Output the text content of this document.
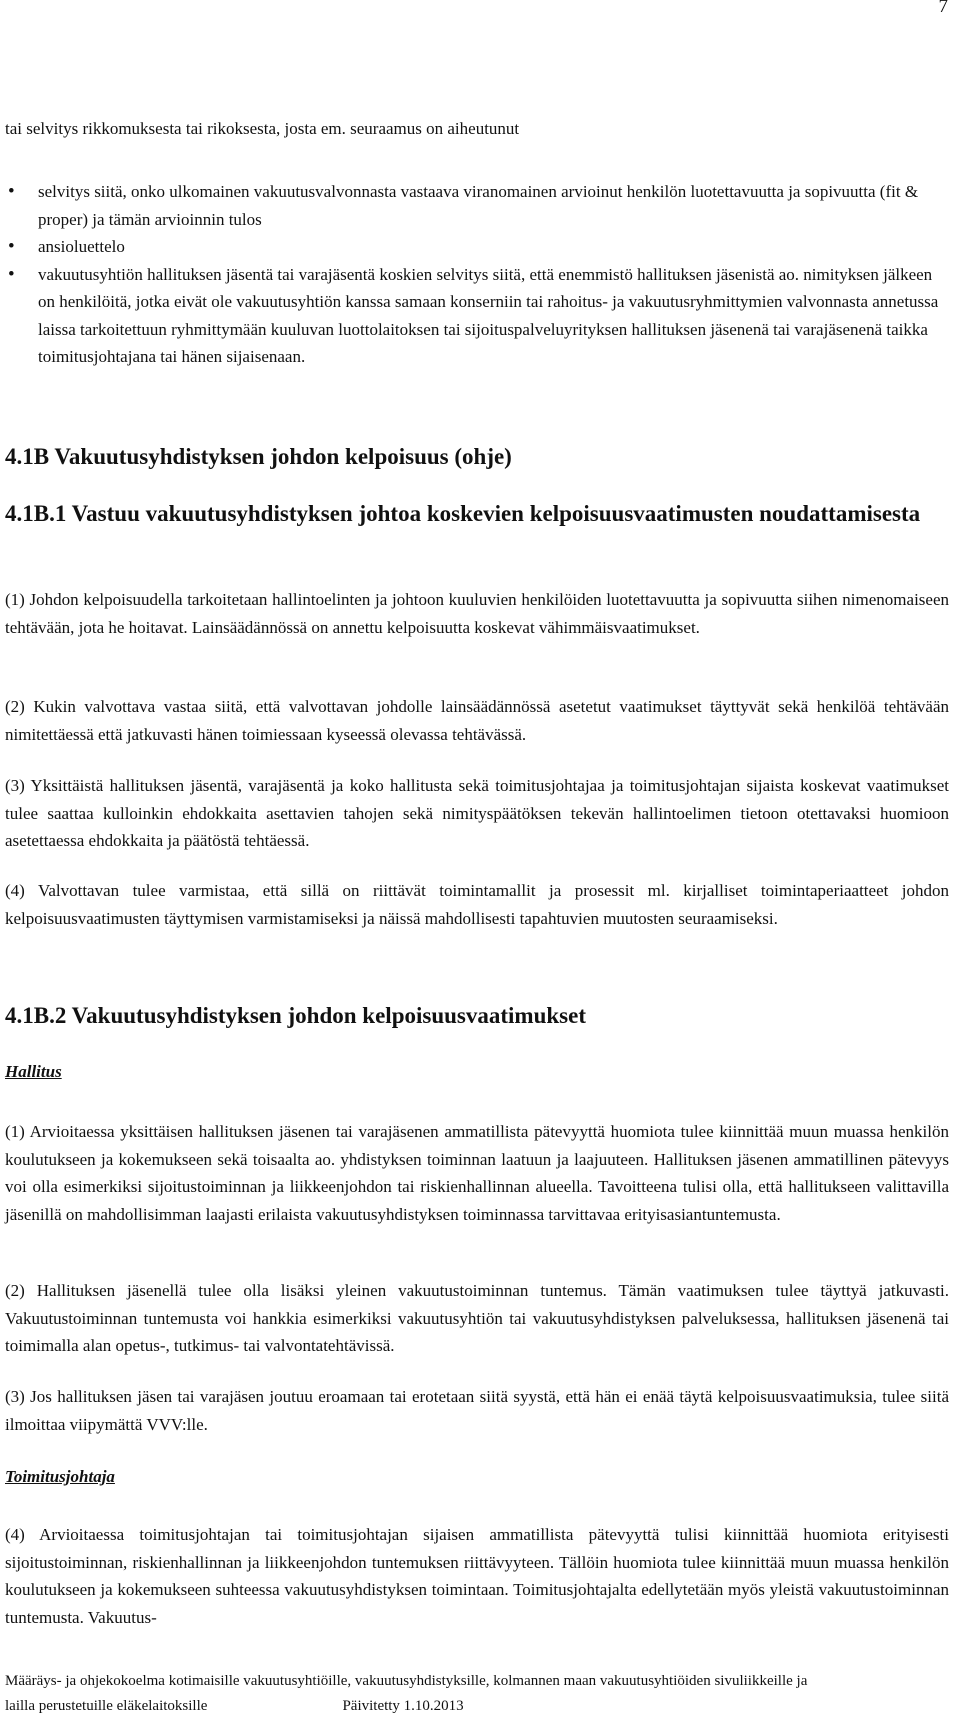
7
tai selvitys rikkomuksesta tai rikoksesta, josta em. seuraamus on aiheutunut
• selvitys siitä, onko ulkomainen vakuutusvalvonnasta vastaava viranomainen arvioinut henkilön luotettavuutta ja sopivuutta (fit & proper) ja tämän arvioinnin tulos
• ansioluettelo
• vakuutusyhtiön hallituksen jäsentä tai varajäsentä koskien selvitys siitä, että enemmistö hallituksen jäsenistä ao. nimityksen jälkeen on henkilöitä, jotka eivät ole vakuutusyhtiön kanssa samaan konserniin tai rahoitus- ja vakuutusryhmittymien valvonnasta annetussa laissa tarkoitettuun ryhmittymään kuuluvan luottolaitoksen tai sijoituspalveluyrityksen hallituksen jäsenenä tai varajäsenenä taikka toimitusjohtajana tai hänen sijaisenaan.
4.1B Vakuutusyhdistyksen johdon kelpoisuus (ohje)
4.1B.1 Vastuu vakuutusyhdistyksen johtoa koskevien kelpoisuusvaatimusten noudattamisesta

(1) Johdon kelpoisuudella tarkoitetaan hallintoelinten ja johtoon kuuluvien henkilöiden luotettavuutta ja sopivuutta siihen nimenomaiseen tehtävään, jota he hoitavat. Lainsäädännössä on annettu kelpoisuutta koskevat vähimmäisvaatimukset.

(2) Kukin valvottava vastaa siitä, että valvottavan johdolle lainsäädännössä asetetut vaatimukset täyttyvät sekä henkilöä tehtävään nimitettäessä että jatkuvasti hänen toimiessaan kyseessä olevassa tehtävässä.

(3) Yksittäistä hallituksen jäsentä, varajäsentä ja koko hallitusta sekä toimitusjohtajaa ja toimitusjohtajan sijaista koskevat vaatimukset tulee saattaa kulloinkin ehdokkaita asettavien tahojen sekä nimityspäätöksen tekevän hallintoelimen tietoon otettavaksi huomioon asetettaessa ehdokkaita ja päätöstä tehtäessä.

(4) Valvottavan tulee varmistaa, että sillä on riittävät toimintamallit ja prosessit ml. kirjalliset toimintaperiaatteet johdon kelpoisuusvaatimusten täyttymisen varmistamiseksi ja näissä mahdollisesti tapahtuvien muutosten seuraamiseksi.

4.1B.2 Vakuutusyhdistyksen johdon kelpoisuusvaatimukset

Hallitus

(1) Arvioitaessa yksittäisen hallituksen jäsenen tai varajäsenen ammatillista pätevyyttä huomiota tulee kiinnittää muun muassa henkilön koulutukseen ja kokemukseen sekä toisaalta ao. yhdistyksen toiminnan laatuun ja laajuuteen. Hallituksen jäsenen ammatillinen pätevyys voi olla esimerkiksi sijoitustoiminnan ja liikkeenjohdon tai riskienhallinnan alueella. Tavoitteena tulisi olla, että hallitukseen valittavilla jäsenillä on mahdollisimman laajasti erilaista vakuutusyhdistyksen toiminnassa tarvittavaa erityisasiantuntemusta.

(2) Hallituksen jäsenellä tulee olla lisäksi yleinen vakuutustoiminnan tuntemus. Tämän vaatimuksen tulee täyttyä jatkuvasti. Vakuutustoiminnan tuntemusta voi hankkia esimerkiksi vakuutusyhtiön tai vakuutusyhdistyksen palveluksessa, hallituksen jäsenenä tai toimimalla alan opetus-, tutkimus- tai valvontatehtävissä.

(3) Jos hallituksen jäsen tai varajäsen joutuu eroamaan tai erotetaan siitä syystä, että hän ei enää täytä kelpoisuusvaatimuksia, tulee siitä ilmoittaa viipymättä VVV:lle.

Toimitusjohtaja

(4) Arvioitaessa toimitusjohtajan tai toimitusjohtajan sijaisen ammatillista pätevyyttä tulisi kiinnittää huomiota erityisesti sijoitustoiminnan, riskienhallinnan ja liikkeenjohdon tuntemuksen riittävyyteen. Tällöin huomiota tulee kiinnittää muun muassa henkilön koulutukseen ja kokemukseen suhteessa vakuutusyhdistyksen toimintaan. Toimitusjohtajalta edellytetään myös yleistä vakuutustoiminnan tuntemusta. Vakuutus-

Määräys- ja ohjekokoelma kotimaisille vakuutusyhtiöille, vakuutusyhdistyksille, kolmannen maan vakuutusyhtiöiden sivuliikkeille ja
lailla perustetuille eläkelaitoksille	Päivitetty 1.10.2013
